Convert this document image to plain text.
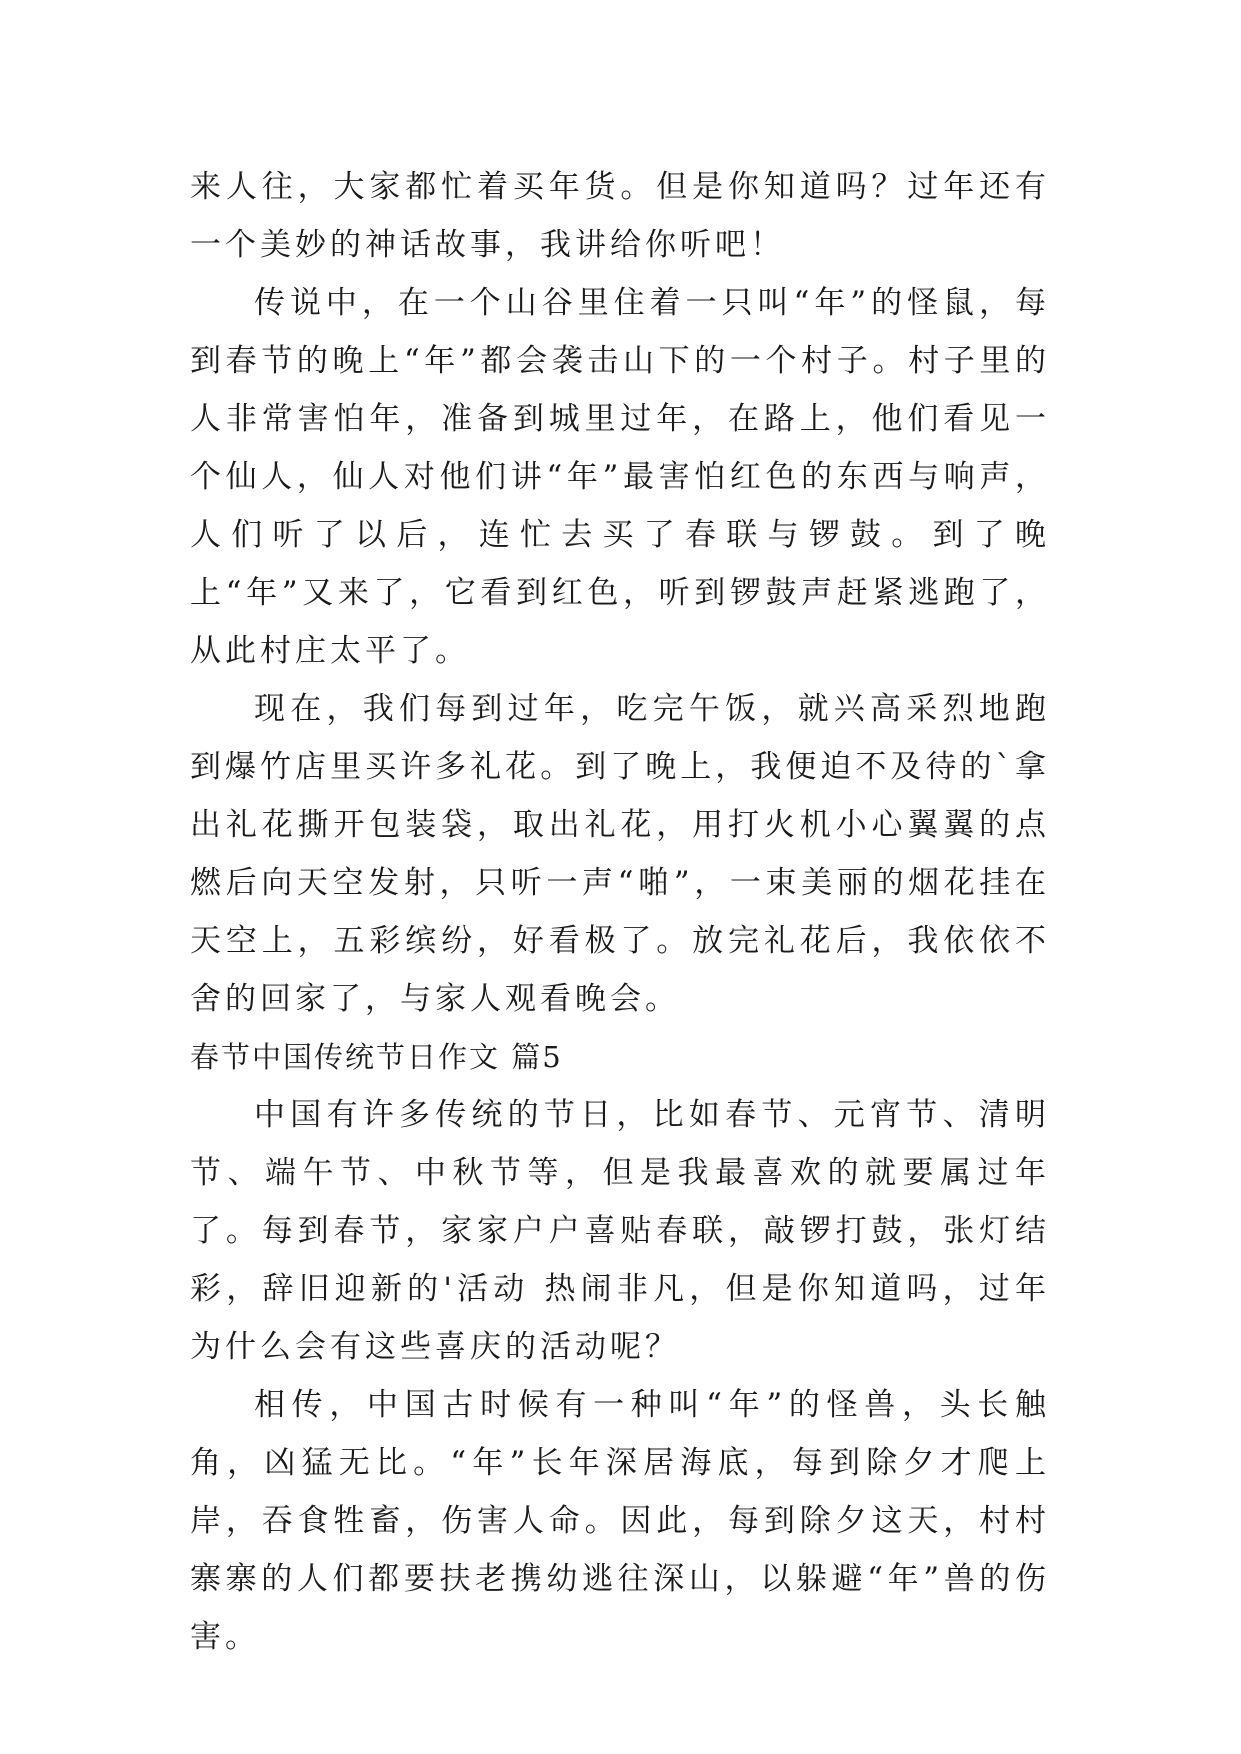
来人往，大家都忙着买年货。但是你知道吗？过年还有一个美妙的神话故事，我讲给你听吧！

传说中，在一个山谷里住着一只叫“年”的怪鼠，每到春节的晚上“年”都会袭击山下的一个村子。村子里的人非常害怕年，准备到城里过年，在路上，他们看见一个仙人，仙人对他们讲“年”最害怕红色的东西与响声，人们听了以后，连忙去买了春联与锣鼓。到了晚上“年”又来了，它看到红色，听到锣鼓声赶紧逃跑了，从此村庄太平了。

现在，我们每到过年，吃完午饭，就兴高采烈地跑到爆竹店里买许多礼花。到了晚上，我便迫不及待的`拿出礼花撕开包装袋，取出礼花，用打火机小心翼翼的点燃后向天空发射，只听一声“啪”，一束美丽的烟花挂在天空上，五彩缤纷，好看极了。放完礼花后，我依依不舍的回家了，与家人观看晚会。

春节中国传统节日作文 篇5

中国有许多传统的节日，比如春节、元宵节、清明节、端午节、中秋节等，但是我最喜欢的就要属过年了。每到春节，家家户户喜贴春联，敲锣打鼓，张灯结彩，辞旧迎新的'活动 热闹非凡，但是你知道吗，过年为什么会有这些喜庆的活动呢？

相传，中国古时候有一种叫“年”的怪兽，头长触角，凶猛无比。“年”长年深居海底，每到除夕才爬上岸，吞食牲畜，伤害人命。因此，每到除夕这天，村村寨寨的人们都要扶老携幼逃往深山，以躲避“年”兽的伤害。
